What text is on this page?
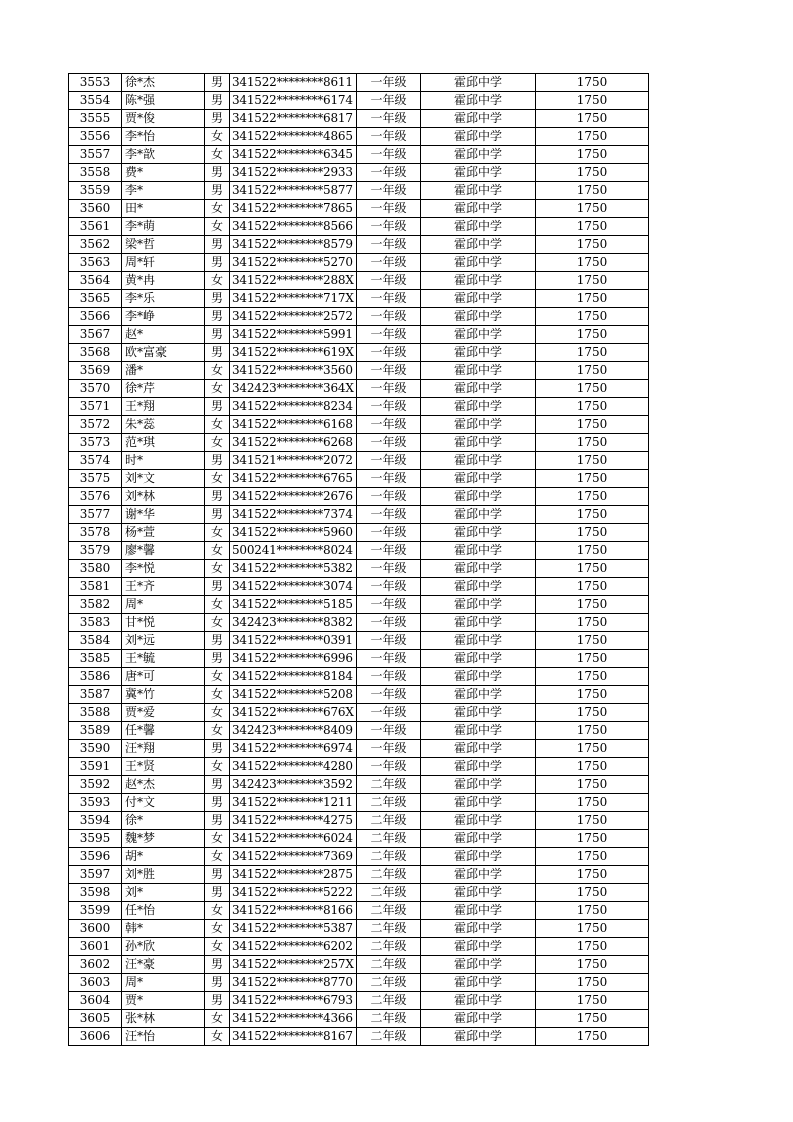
3553	徐*杰	男	341522********8611	一年级	霍邱中学	1750
3554	陈*强	男	341522********6174	一年级	霍邱中学	1750
3555	贾*俊	男	341522********6817	一年级	霍邱中学	1750
3556	李*怡	女	341522********4865	一年级	霍邱中学	1750
3557	李*歆	女	341522********6345	一年级	霍邱中学	1750
3558	费*	男	341522********2933	一年级	霍邱中学	1750
3559	李*	男	341522********5877	一年级	霍邱中学	1750
3560	田*	女	341522********7865	一年级	霍邱中学	1750
3561	李*萌	女	341522********8566	一年级	霍邱中学	1750
3562	梁*哲	男	341522********8579	一年级	霍邱中学	1750
3563	周*轩	男	341522********5270	一年级	霍邱中学	1750
3564	黄*冉	女	341522********288X	一年级	霍邱中学	1750
3565	李*乐	男	341522********717X	一年级	霍邱中学	1750
3566	李*峥	男	341522********2572	一年级	霍邱中学	1750
3567	赵*	男	341522********5991	一年级	霍邱中学	1750
3568	欧*富豪	男	341522********619X	一年级	霍邱中学	1750
3569	潘*	女	341522********3560	一年级	霍邱中学	1750
3570	徐*芹	女	342423********364X	一年级	霍邱中学	1750
3571	王*翔	男	341522********8234	一年级	霍邱中学	1750
3572	朱*蕊	女	341522********6168	一年级	霍邱中学	1750
3573	范*琪	女	341522********6268	一年级	霍邱中学	1750
3574	时*	男	341521********2072	一年级	霍邱中学	1750
3575	刘*文	女	341522********6765	一年级	霍邱中学	1750
3576	刘*林	男	341522********2676	一年级	霍邱中学	1750
3577	谢*华	男	341522********7374	一年级	霍邱中学	1750
3578	杨*萱	女	341522********5960	一年级	霍邱中学	1750
3579	廖*馨	女	500241********8024	一年级	霍邱中学	1750
3580	李*悦	女	341522********5382	一年级	霍邱中学	1750
3581	王*齐	男	341522********3074	一年级	霍邱中学	1750
3582	周*	女	341522********5185	一年级	霍邱中学	1750
3583	甘*悦	女	342423********8382	一年级	霍邱中学	1750
3584	刘*远	男	341522********0391	一年级	霍邱中学	1750
3585	王*毓	男	341522********6996	一年级	霍邱中学	1750
3586	唐*可	女	341522********8184	一年级	霍邱中学	1750
3587	冀*竹	女	341522********5208	一年级	霍邱中学	1750
3588	贾*爱	女	341522********676X	一年级	霍邱中学	1750
3589	任*馨	女	342423********8409	一年级	霍邱中学	1750
3590	汪*翔	男	341522********6974	一年级	霍邱中学	1750
3591	王*贤	女	341522********4280	一年级	霍邱中学	1750
3592	赵*杰	男	342423********3592	二年级	霍邱中学	1750
3593	付*文	男	341522********1211	二年级	霍邱中学	1750
3594	徐*	男	341522********4275	二年级	霍邱中学	1750
3595	魏*梦	女	341522********6024	二年级	霍邱中学	1750
3596	胡*	女	341522********7369	二年级	霍邱中学	1750
3597	刘*胜	男	341522********2875	二年级	霍邱中学	1750
3598	刘*	男	341522********5222	二年级	霍邱中学	1750
3599	任*怡	女	341522********8166	二年级	霍邱中学	1750
3600	韩*	女	341522********5387	二年级	霍邱中学	1750
3601	孙*欣	女	341522********6202	二年级	霍邱中学	1750
3602	汪*豪	男	341522********257X	二年级	霍邱中学	1750
3603	周*	男	341522********8770	二年级	霍邱中学	1750
3604	贾*	男	341522********6793	二年级	霍邱中学	1750
3605	张*林	女	341522********4366	二年级	霍邱中学	1750
3606	汪*怡	女	341522********8167	二年级	霍邱中学	1750
